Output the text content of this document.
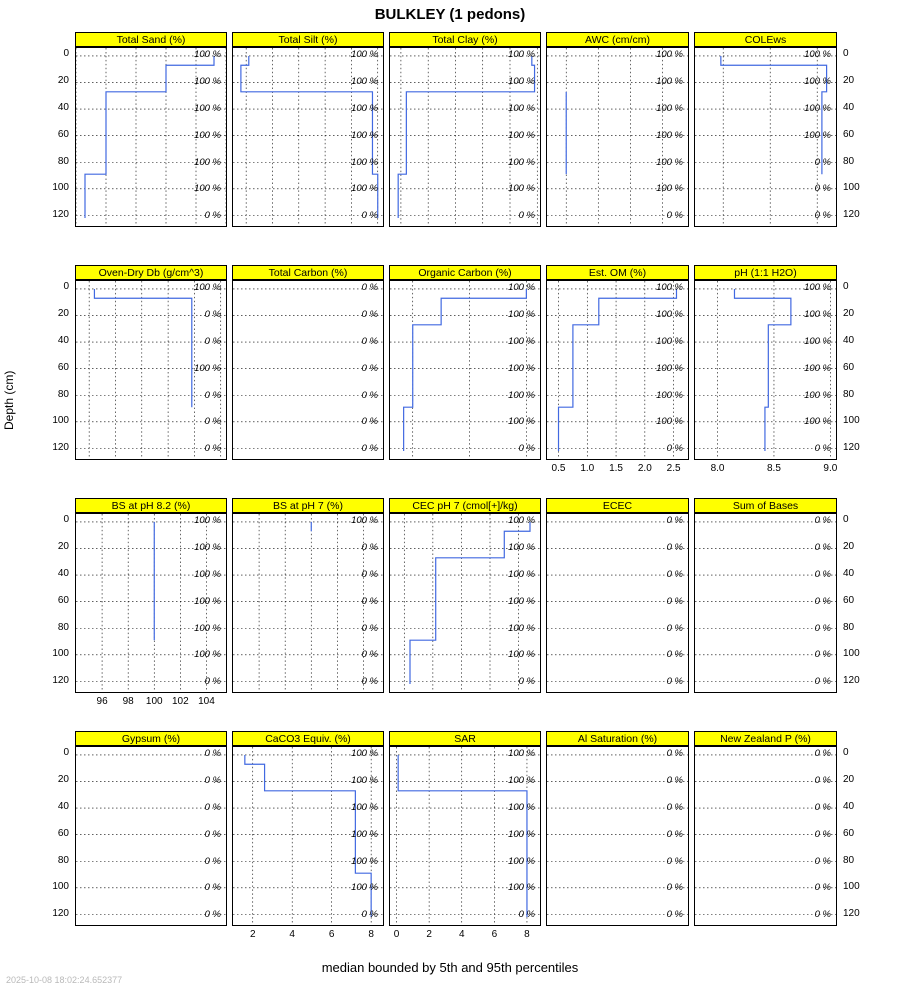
BULKLEY (1 pedons)
Depth (cm)
median bounded by 5th and 95th percentiles
2025-10-08 18:02:24.652377
Total Sand (%)
100 %
100 %
100 %
100 %
100 %
100 %
0 %
Total Silt (%)
100 %
100 %
100 %
100 %
100 %
100 %
0 %
Total Clay (%)
100 %
100 %
100 %
100 %
100 %
100 %
0 %
AWC (cm/cm)
100 %
100 %
100 %
100 %
100 %
100 %
0 %
COLEws
100 %
100 %
100 %
100 %
0 %
0 %
0 %
Oven-Dry Db (g/cm^3)
100 %
0 %
0 %
100 %
0 %
0 %
0 %
Total Carbon (%)
0 %
0 %
0 %
0 %
0 %
0 %
0 %
Organic Carbon (%)
100 %
100 %
100 %
100 %
100 %
100 %
0 %
Est. OM (%)
0.5	1.0	1.5	2.0	2.5
100 %
100 %
100 %
100 %
100 %
100 %
0 %
pH (1:1 H2O)
8.0	8.5	9.0
100 %
100 %
100 %
100 %
100 %
100 %
0 %
BS at pH 8.2 (%)
96	98	100 102 104
100 %
100 %
100 %
100 %
100 %
100 %
0 %
BS at pH 7 (%)
100 %
0 %
0 %
0 %
0 %
0 %
0 %
CEC pH 7 (cmol[+]/kg)
100 %
100 %
100 %
100 %
100 %
100 %
0 %
ECEC
0 %
0 %
0 %
0 %
0 %
0 %
0 %
Sum of Bases
0 %
0 %
0 %
0 %
0 %
0 %
0 %
Gypsum (%)
0 %
0 %
0 %
0 %
0 %
0 %
0 %
CaCO3 Equiv. (%)
2	4	6	8
100 %
100 %
100 %
100 %
100 %
100 %
0 %
SAR
0	2	4	6	8
100 %
100 %
100 %
100 %
100 %
100 %
0 %
Al Saturation (%)
0 %
0 %
0 %
0 %
0 %
0 %
0 %
New Zealand P (%)
0 %
0 %
0 %
0 %
0 %
0 %
0 %
0	0
20	20
40	40
60	60
80	80
100	100
120	120
0	0
20	20
40	40
60	60
80	80
100	100
120	120
0	0
20	20
40	40
60	60
80	80
100	100
120	120
0	0
20	20
40	40
60	60
80	80
100	100
120	120
